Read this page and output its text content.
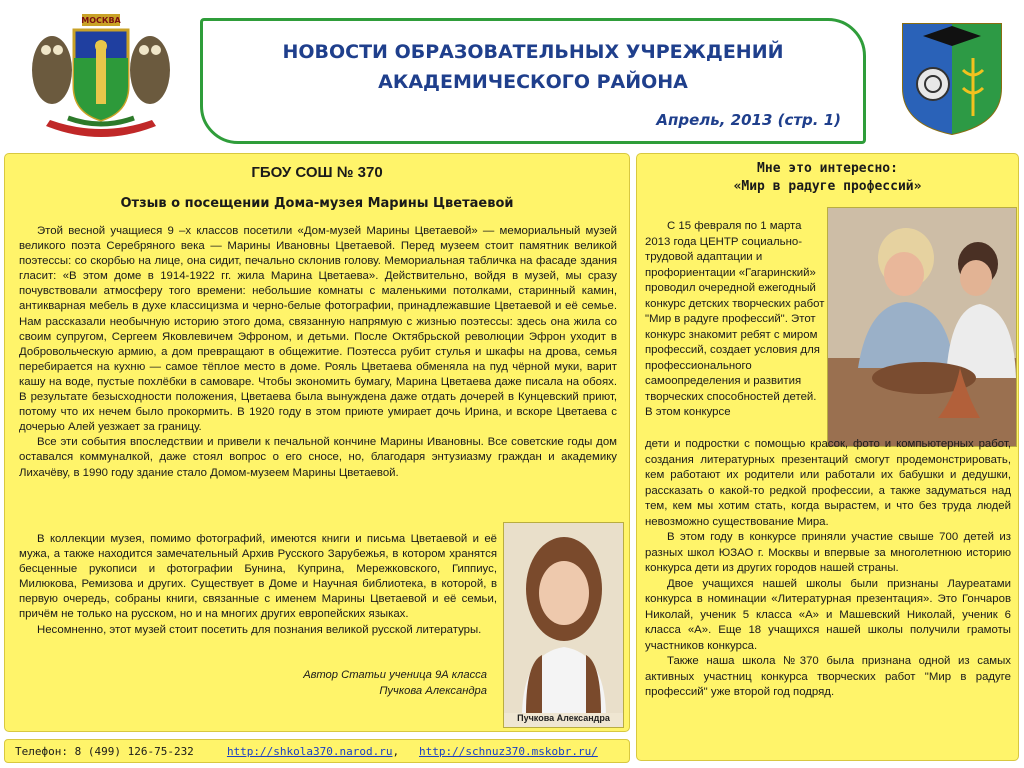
МОСКВА
НОВОСТИ ОБРАЗОВАТЕЛЬНЫХ УЧРЕЖДЕНИЙ
АКАДЕМИЧЕСКОГО РАЙОНА
Апрель, 2013 (стр. 1)
ГБОУ СОШ № 370
Отзыв о посещении Дома-музея Марины Цветаевой

Этой весной учащиеся 9 –х классов посетили «Дом-музей Марины Цветаевой» — мемориальный музей великого поэта Серебряного века — Марины Ивановны Цветаевой. Перед музеем стоит памятник великой поэтессы: со скорбью на лице, она сидит, печально склонив голову. Мемориальная табличка на фасаде здания гласит: «В этом доме в 1914-1922 гг. жила Марина Цветаева». Действительно, войдя в музей, мы сразу почувствовали атмосферу того времени: небольшие комнаты с маленькими потолками, старинный камин, антикварная мебель в духе классицизма и черно-белые фотографии, принадлежавшие Цветаевой и её семье. Нам рассказали необычную историю этого дома, связанную напрямую с жизнью поэтессы: здесь она жила со своим супругом, Сергеем Яковлевичем Эфроном, и детьми. После Октябрьской революции Эфрон уходит в Добровольческую армию, а дом превращают в общежитие. Поэтесса рубит стулья и шкафы на дрова, семья перебирается на кухню — самое тёплое место в доме. Рояль Цветаева обменяла на пуд чёрной муки, варит кашу на воде, пустые похлёбки в самоваре. Чтобы экономить бумагу, Марина Цветаева даже писала на обоях. В результате безысходности положения, Цветаева была вынуждена даже отдать дочерей в Кунцевский приют, потому что их нечем было прокормить. В 1920 году в этом приюте умирает дочь Ирина, и вскоре Цветаева с дочерью Алей уезжает за границу.

Все эти события впоследствии и привели к печальной кончине Марины Ивановны. Все советские годы дом оставался коммуналкой, даже стоял вопрос о его сносе, но, благодаря энтузиазму граждан и академику Лихачёву, в 1990 году здание стало Домом-музеем Марины Цветаевой.

В коллекции музея, помимо фотографий, имеются книги и письма Цветаевой и её мужа, а также находится замечательный Архив Русского Зарубежья, в котором хранятся бесценные рукописи и фотографии Бунина, Куприна, Мережковского, Гиппиус, Милюкова, Ремизова и других. Существует в Доме и Научная библиотека, в которой, в первую очередь, собраны книги, связанные с именем Марины Цветаевой и её семьи, причём не только на русском, но и на многих других европейских языках.

Несомненно, этот музей стоит посетить для познания великой русской литературы.

Автор Статьи ученица 9А класса
Пучкова Александра
Пучкова Александра
Мне это интересно:
«Мир в радуге профессий»

С 15 февраля по 1 марта 2013 года ЦЕНТР социально-трудовой адаптации и профориентации «Гагаринский» проводил очередной ежегодный конкурс детских творческих работ "Мир в радуге профессий". Этот конкурс знакомит ребят с миром профессий, создает условия для профессионального самоопределения и развития творческих способностей детей. В этом конкурсе

дети и подростки с помощью красок, фото и компьютерных работ, создания литературных презентаций смогут продемонстрировать, кем работают их родители или работали их бабушки и дедушки, рассказать о какой-то редкой профессии, а также задуматься над тем, кем мы хотим стать, когда вырастем, и что без труда людей невозможно существование Мира.

В этом году в конкурсе приняли участие свыше 700 детей из разных школ ЮЗАО г. Москвы и впервые за многолетнюю историю конкурса дети из других городов нашей страны.

Двое учащихся нашей школы были признаны Лауреатами конкурса в номинации «Литературная презентация». Это Гончаров Николай, ученик 5 класса «А» и Машевский Николай, ученик 6 класса «А». Еще 18 учащихся нашей школы получили грамоты участников конкурса.

Также наша школа №370 была признана одной из самых активных участниц конкурса творческих работ "Мир в радуге профессий" уже второй год подряд.

Телефон: 8 (499) 126-75-232	http://shkola370.narod.ru, http://schnuz370.mskobr.ru/
